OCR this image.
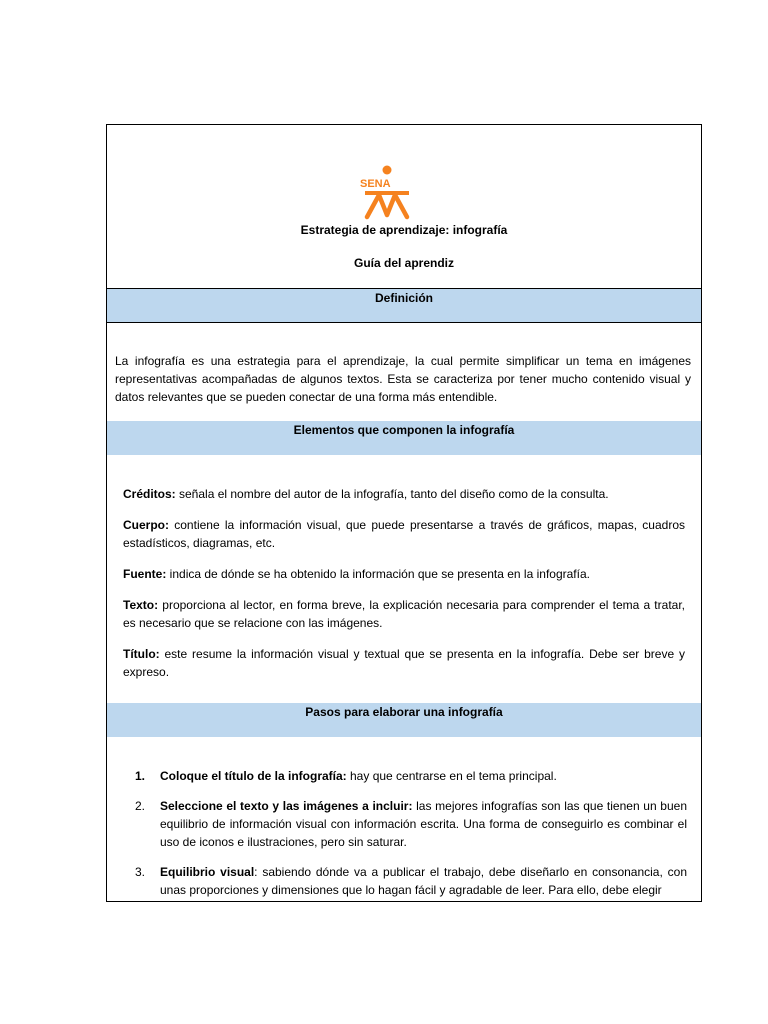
SENA
Estrategia de aprendizaje: infografía
Guía del aprendiz
Definición
La infografía es una estrategia para el aprendizaje, la cual permite simplificar un tema en imágenes representativas acompañadas de algunos textos. Esta se caracteriza por tener mucho contenido visual y datos relevantes que se pueden conectar de una forma más entendible.
Elementos que componen la infografía

Créditos: señala el nombre del autor de la infografía, tanto del diseño como de la consulta.

Cuerpo: contiene la información visual, que puede presentarse a través de gráficos, mapas, cuadros estadísticos, diagramas, etc.

Fuente: indica de dónde se ha obtenido la información que se presenta en la infografía.

Texto: proporciona al lector, en forma breve, la explicación necesaria para comprender el tema a tratar, es necesario que se relacione con las imágenes.

Título: este resume la información visual y textual que se presenta en la infografía. Debe ser breve y expreso.

Pasos para elaborar una infografía
1. Coloque el título de la infografía: hay que centrarse en el tema principal.
2. Seleccione el texto y las imágenes a incluir: las mejores infografías son las que tienen un buen equilibrio de información visual con información escrita. Una forma de conseguirlo es combinar el uso de iconos e ilustraciones, pero sin saturar.
3. Equilibrio visual: sabiendo dónde va a publicar el trabajo, debe diseñarlo en consonancia, con unas proporciones y dimensiones que lo hagan fácil y agradable de leer. Para ello, debe elegir
